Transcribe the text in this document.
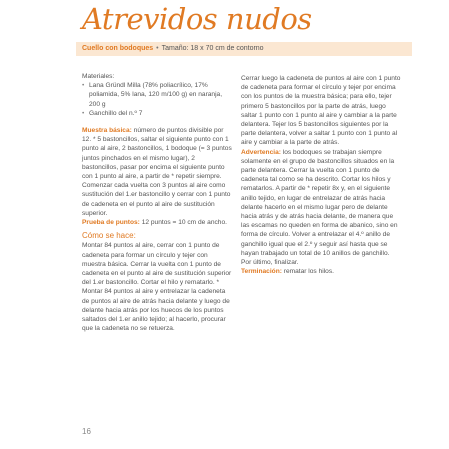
Atrevidos nudos
Cuello con bodoques • Tamaño: 18 x 70 cm de contorno

Materiales:

• Lana Gründl Milla (78% poliacrílico, 17% poliamida, 5% lana, 120 m/100 g) en naranja, 200 g
• Ganchillo del n.º 7

Muestra básica: número de puntos divisible por 12. * 5 bastoncillos, saltar el siguiente punto con 1 punto al aire, 2 bastoncillos, 1 bodoque (= 3 puntos juntos pinchados en el mismo lugar), 2 bastoncillos, pasar por encima el siguiente punto con 1 punto al aire, a partir de * repetir siempre. Comenzar cada vuelta con 3 puntos al aire como sustitución del 1.er bastoncillo y cerrar con 1 punto de cadeneta en el punto al aire de sustitución superior.

Prueba de puntos: 12 puntos = 10 cm de ancho.

Cómo se hace:

Montar 84 puntos al aire, cerrar con 1 punto de cadeneta para formar un círculo y tejer con muestra básica. Cerrar la vuelta con 1 punto de cadeneta en el punto al aire de sustitución superior del 1.er bastoncillo. Cortar el hilo y rematarlo. * Montar 84 puntos al aire y entrelazar la cadeneta de puntos al aire de atrás hacia delante y luego de delante hacia atrás por los huecos de los puntos saltados del 1.er anillo tejido; al hacerlo, procurar que la cadeneta no se retuerza.

Cerrar luego la cadeneta de puntos al aire con 1 punto de cadeneta para formar el círculo y tejer por encima con los puntos de la muestra básica; para ello, tejer primero 5 bastoncillos por la parte de atrás, luego saltar 1 punto con 1 punto al aire y cambiar a la parte delantera. Tejer los 5 bastoncillos siguientes por la parte delantera, volver a saltar 1 punto con 1 punto al aire y cambiar a la parte de atrás.

Advertencia: los bodoques se trabajan siempre solamente en el grupo de bastoncillos situados en la parte delantera. Cerrar la vuelta con 1 punto de cadeneta tal como se ha descrito. Cortar los hilos y rematarlos. A partir de * repetir 8x y, en el siguiente anillo tejido, en lugar de entrelazar de atrás hacia delante hacerlo en el mismo lugar pero de delante hacia atrás y de atrás hacia delante, de manera que las escamas no queden en forma de abanico, sino en forma de círculo. Volver a entrelazar el 4.º anillo de ganchillo igual que el 2.º y seguir así hasta que se hayan trabajado un total de 10 anillos de ganchillo. Por último, finalizar.

Terminación: rematar los hilos.

16
